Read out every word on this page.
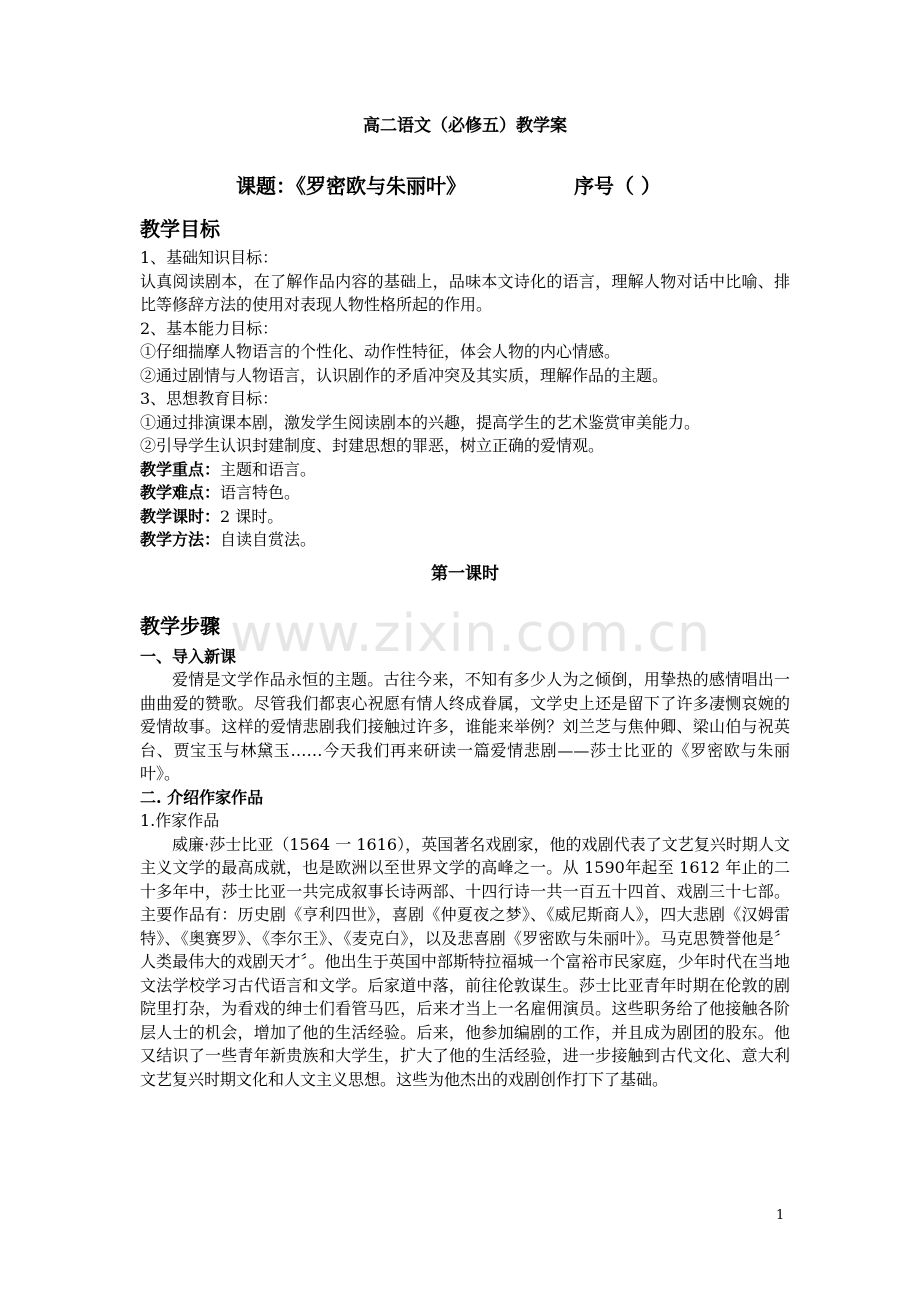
www.zixin.com.cn

高二语文（必修五）教学案

课题：《罗密欧与朱丽叶》	序号（ ）

教学目标

1、基础知识目标：

认真阅读剧本，在了解作品内容的基础上，品味本文诗化的语言，理解人物对话中比喻、排比等修辞方法的使用对表现人物性格所起的作用。

2、基本能力目标：

①仔细揣摩人物语言的个性化、动作性特征，体会人物的内心情感。

②通过剧情与人物语言，认识剧作的矛盾冲突及其实质，理解作品的主题。

3、思想教育目标：

①通过排演课本剧，激发学生阅读剧本的兴趣，提高学生的艺术鉴赏审美能力。

②引导学生认识封建制度、封建思想的罪恶，树立正确的爱情观。

教学重点：主题和语言。

教学难点：语言特色。

教学课时：2 课时。

教学方法：自读自赏法。

第一课时

教学步骤

一、导入新课

爱情是文学作品永恒的主题。古往今来，不知有多少人为之倾倒，用挚热的感情唱出一曲曲爱的赞歌。尽管我们都衷心祝愿有情人终成眷属，文学史上还是留下了许多凄恻哀婉的爱情故事。这样的爱情悲剧我们接触过许多，谁能来举例？刘兰芝与焦仲卿、梁山伯与祝英台、贾宝玉与林黛玉……今天我们再来研读一篇爱情悲剧——莎士比亚的《罗密欧与朱丽叶》。

二. 介绍作家作品

1.作家作品

威廉·莎士比亚（1564 一 1616），英国著名戏剧家，他的戏剧代表了文艺复兴时期人文主义文学的最高成就，也是欧洲以至世界文学的高峰之一。从 1590年起至 1612 年止的二十多年中，莎士比亚一共完成叙事长诗两部、十四行诗一共一百五十四首、戏剧三十七部。主要作品有：历史剧《亨利四世》，喜剧《仲夏夜之梦》、《威尼斯商人》，四大悲剧《汉姆雷特》、《奥赛罗》、《李尔王》、《麦克白》，以及悲喜剧《罗密欧与朱丽叶》。马克思赞誉他是〞人类最伟大的戏剧天才〞。他出生于英国中部斯特拉福城一个富裕市民家庭，少年时代在当地文法学校学习古代语言和文学。后家道中落，前往伦敦谋生。莎士比亚青年时期在伦敦的剧院里打杂，为看戏的绅士们看管马匹，后来才当上一名雇佣演员。这些职务给了他接触各阶层人士的机会，增加了他的生活经验。后来，他参加编剧的工作，并且成为剧团的股东。他又结识了一些青年新贵族和大学生，扩大了他的生活经验，进一步接触到古代文化、意大利文艺复兴时期文化和人文主义思想。这些为他杰出的戏剧创作打下了基础。

1
